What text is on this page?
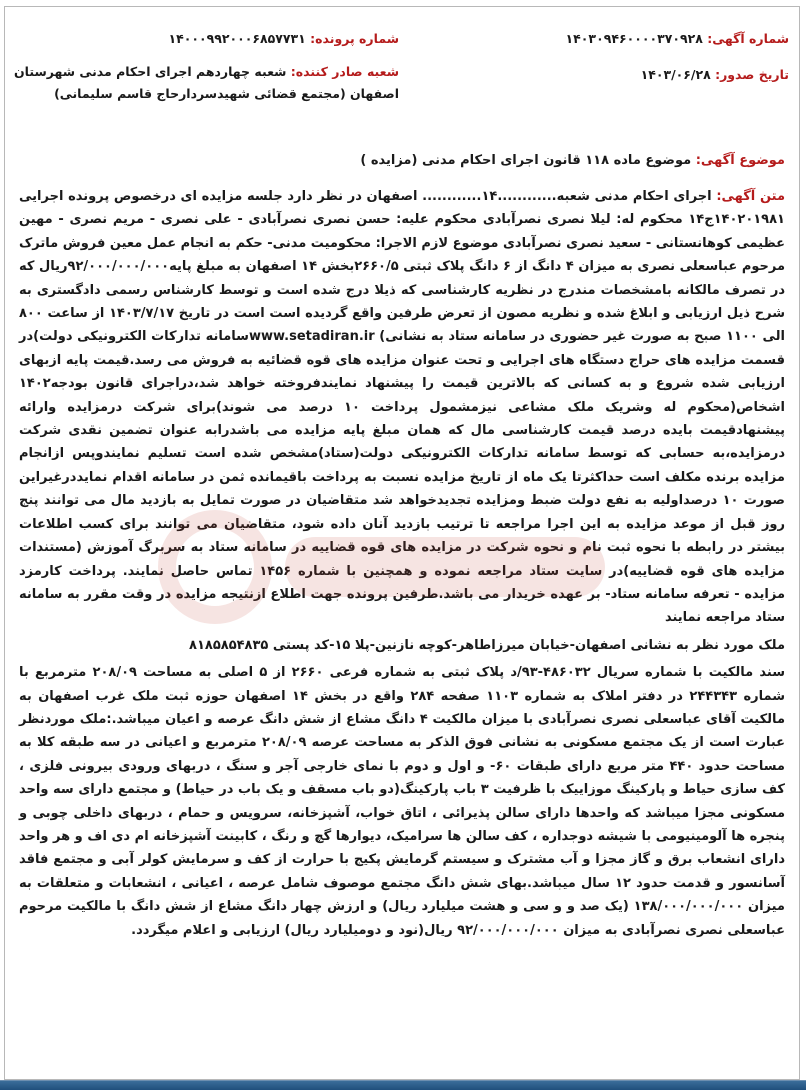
شماره آگهی: ۱۴۰۳۰۹۴۶۰۰۰۰۳۷۰۹۲۸
شماره پرونده: ۱۴۰۰۰۹۹۲۰۰۰۶۸۵۷۷۳۱
تاریخ صدور: ۱۴۰۳/۰۶/۲۸
شعبه صادر کننده: شعبه چهاردهم اجرای احکام مدنی شهرستان اصفهان (مجتمع قضائی شهیدسردارحاج قاسم سلیمانی)
موضوع آگهی: موضوع ماده ۱۱۸ قانون اجرای احکام مدنی (مزایده )

متن آگهی: اجرای احکام مدنی شعبه............۱۴............ اصفهان در نظر دارد جلسه مزایده ای درخصوص پرونده اجرایی ۱۴۰۲۰۱۹۸۱ج۱۴ محکوم له: لیلا نصری نصرآبادی محکوم علیه: حسن نصری نصرآبادی - علی نصری - مریم نصری - مهین عظیمی کوهانستانی - سعید نصری نصرآبادی موضوع لازم الاجرا: محکومیت مدنی- حکم به انجام عمل معین فروش ماترک مرحوم عباسعلی نصری به میزان ۴ دانگ از ۶ دانگ پلاک ثبتی ۲۶۶۰/۵بخش ۱۴ اصفهان به مبلغ پایه۹۲/۰۰۰/۰۰۰/۰۰۰ریال که در تصرف مالکانه بامشخصات مندرج در نظریه کارشناسی که ذیلا درج شده است و توسط کارشناس رسمی دادگستری به شرح ذیل ارزیابی و ابلاغ شده و نظریه مصون از تعرض طرفین واقع گردیده است است در تاریخ ۱۴۰۳/۷/۱۷ از ساعت ۸۰۰ الی ۱۱۰۰ صبح به صورت غیر حضوری در سامانه ستاد به نشانی) www.setadiran.irسامانه تدارکات الکترونیکی دولت)در قسمت مزایده های حراج دستگاه های اجرایی و تحت عنوان مزایده های قوه قضائیه به فروش می رسد.قیمت پایه ازبهای ارزیابی شده شروع و به کسانی که بالاترین قیمت را پیشنهاد نمایندفروخته خواهد شد،دراجرای قانون بودجه۱۴۰۲ اشخاص(محکوم له وشریک ملک مشاعی نیزمشمول پرداخت ۱۰ درصد می شوند)برای شرکت درمزایده وارائه پیشنهادقیمت بایده درصد قیمت کارشناسی مال که همان مبلغ پایه مزایده می باشدرابه عنوان تضمین نقدی شرکت درمزایده،به حسابی که توسط سامانه تدارکات الکترونیکی دولت(ستاد)مشخص شده است تسلیم نمایندوپس ازانجام مزایده برنده مکلف است حداکثرتا یک ماه از تاریخ مزایده نسبت به پرداخت باقیمانده ثمن در سامانه اقدام نمایددرغیراین صورت ۱۰ درصداولیه به نفع دولت ضبط ومزایده تجدیدخواهد شد متقاضیان در صورت تمایل به بازدید مال می توانند پنج روز قبل از موعد مزایده به این اجرا مراجعه تا ترتیب بازدید آنان داده شود، متقاضیان می توانند برای کسب اطلاعات بیشتر در رابطه با نحوه ثبت نام و نحوه شرکت در مزایده های قوه قضاییه در سامانه ستاد به سربرگ آموزش (مستندات مزایده های قوه قضاییه)در سایت ستاد مراجعه نموده و همچنین با شماره ۱۴۵۶ تماس حاصل نمایند. پرداخت کارمزد مزایده - تعرفه سامانه ستاد- بر عهده خریدار می باشد.طرفین پرونده جهت اطلاع ازنتیجه مزایده در وقت مقرر به سامانه ستاد مراجعه نمایند

ملک مورد نظر به نشانی اصفهان-خیابان میرزاطاهر-کوچه نازنین-پلا ۱۵-کد پستی ۸۱۸۵۸۵۴۸۳۵

سند مالکیت با شماره سریال ۴۸۶۰۳۲-۹۳/د پلاک ثبتی به شماره فرعی ۲۶۶۰ از ۵ اصلی به مساحت ۲۰۸/۰۹ مترمربع با شماره ۲۴۴۳۴۳ در دفتر املاک به شماره ۱۱۰۳ صفحه ۲۸۴ واقع در بخش ۱۴ اصفهان حوزه ثبت ملک غرب اصفهان به مالکیت آقای عباسعلی نصری نصرآبادی با میزان مالکیت ۴ دانگ مشاع از شش دانگ عرصه و اعیان میباشد.:ملک موردنظر عبارت است از یک مجتمع مسکونی به نشانی فوق الذکر به مساحت عرصه ۲۰۸/۰۹ مترمربع و اعیانی در سه طبقه کلا به مساحت حدود ۴۴۰ متر مربع دارای طبقات ۶۰- و اول و دوم با نمای خارجی آجر و سنگ ، دربهای ورودی بیرونی فلزی ، کف سازی حیاط و پارکینگ موزاییک با ظرفیت ۳ باب پارکینگ(دو باب مسقف و یک باب در حیاط) و مجتمع دارای سه واحد مسکونی مجزا میباشد که واحدها دارای سالن پذیرائی ، اتاق خواب، آشپزخانه، سرویس و حمام ، دربهای داخلی چوبی و پنجره ها آلومینیومی با شیشه دوجداره ، کف سالن ها سرامیک، دیوارها گچ و رنگ ، کابینت آشپزخانه ام دی اف و هر واحد دارای انشعاب برق و گاز مجزا و آب مشترک و سیستم گرمایش پکیج با حرارت از کف و سرمایش کولر آبی و مجتمع فاقد آسانسور و قدمت حدود ۱۲ سال میباشد.بهای شش دانگ مجتمع موصوف شامل عرصه ، اعیانی ، انشعابات و متعلقات به میزان ۱۳۸/۰۰۰/۰۰۰/۰۰۰ (یک صد و و سی و هشت میلیارد ریال) و ارزش چهار دانگ مشاع از شش دانگ با مالکیت مرحوم عباسعلی نصری نصرآبادی به میزان ۹۲/۰۰۰/۰۰۰/۰۰۰ ریال(نود و دومیلیارد ریال) ارزیابی و اعلام میگردد.
